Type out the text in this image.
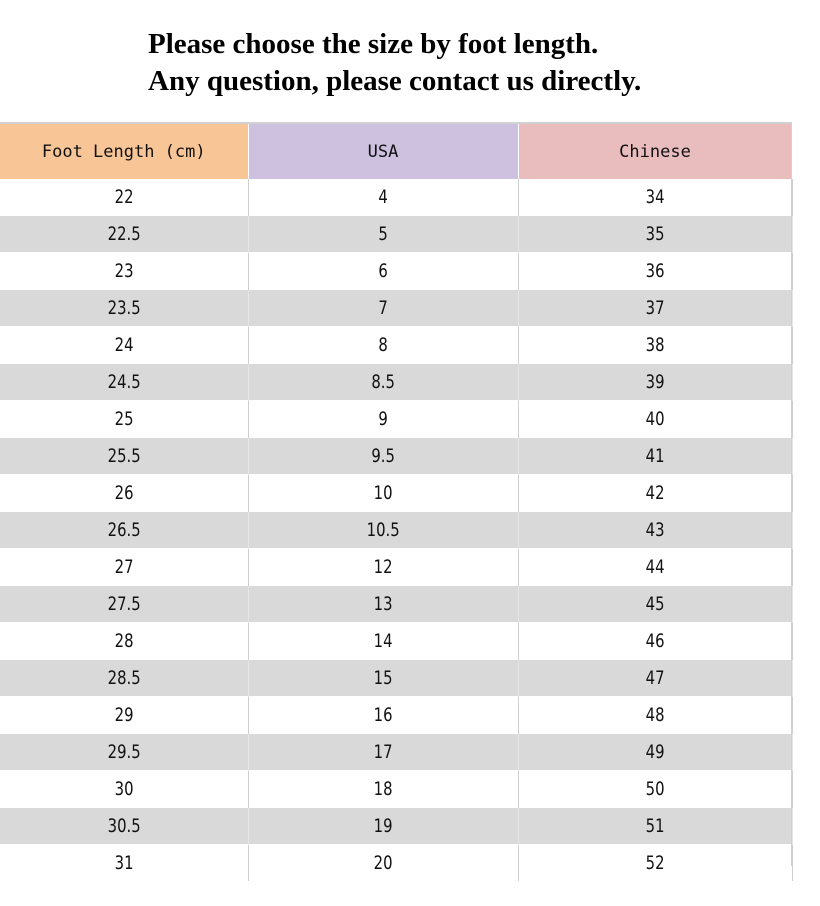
Please choose the size by foot length.
Any question, please contact us directly.
Foot Length (cm)	USA	Chinese
22	4	34
22.5	5	35
23	6	36
23.5	7	37
24	8	38
24.5	8.5	39
25	9	40
25.5	9.5	41
26	10	42
26.5	10.5	43
27	12	44
27.5	13	45
28	14	46
28.5	15	47
29	16	48
29.5	17	49
30	18	50
30.5	19	51
31	20	52
